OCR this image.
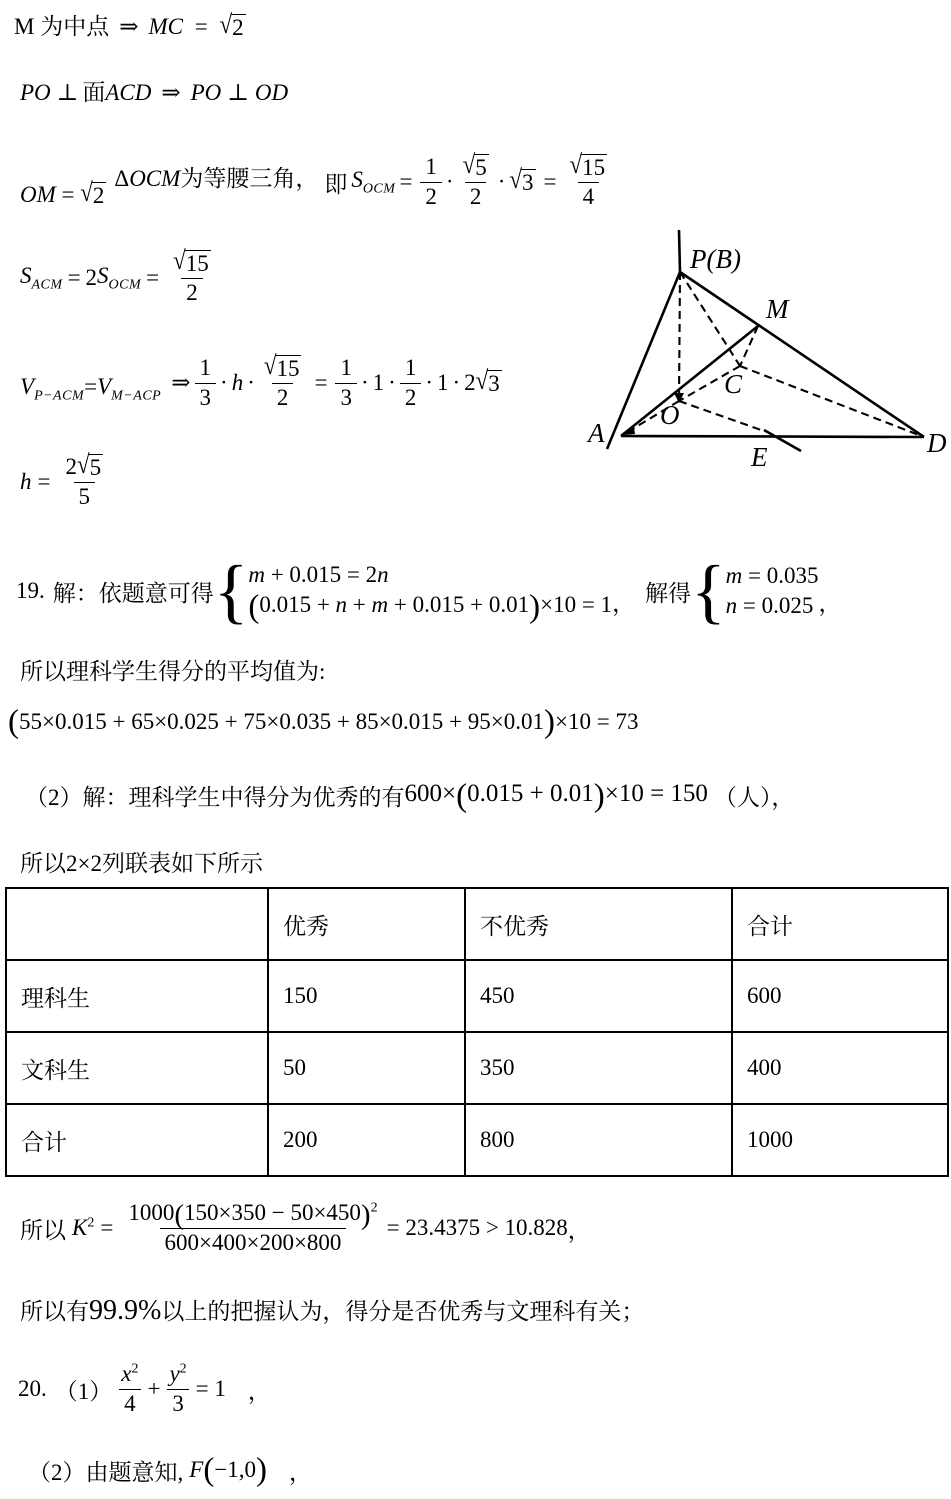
M 为中点 ⇒ MC = √ 2
PO ⊥ 面ACD ⇒ PO ⊥ OD
OM = √ 2
ΔOCM为等腰三角， 即 $S_{OCM} = \frac{1}{2} \cdot \frac{√ 5}{2}$ · √ $3 = \frac{√ 15}{4}$
$S_{ACM} = 2$ $S_{OCM} = \frac{√ 15}{2}$
$V_{P-ACM}=V_{M-ACP}$
⇒ $\frac{1}{3} \cdot h \cdot \frac{√ 15}{2} = \frac{1}{3} \cdot 1 \cdot \frac{1}{2} \cdot 1 \cdot 2$ √ 3
$h = \frac{2 √ 5}{5}$
P(B)
M
C
O
A	D
E
19. 解： 依题意可得 { m + 0.015 = 2n
(0.015 + n + m + 0.015 + 0.01)×10 = 1 ， 解得 { m = 0.035
n = 0.025 ，
所以理科学生得分的平均值为:
( 55×0.015 + 65×0.025 + 75×0.035 + 85×0.015 + 95×0.01 ) ×10 = 73
（2） 解： 理科学生中得分为优秀的有 600×(0.015 + 0.01)×10 = 150 （人），
所以2×2列联表如下所示
	优秀	不优秀	合计
理科生	150	450	600
文科生	50	350	400
合计	200	800	1000
所以 $K^2 = \frac{1000(150\times 350 - 50\times 450)^2}{600\times 400\times 200\times 800} = 23.4375 > 10.828$ ，
所以有99.9%以上的把握认为，得分是否优秀与文理科有关；
20. $(1) \frac{x^2}{4} + \frac{y^2}{3} = 1$ ，
（2） 由题意知, F ( −1,0 ) ，
